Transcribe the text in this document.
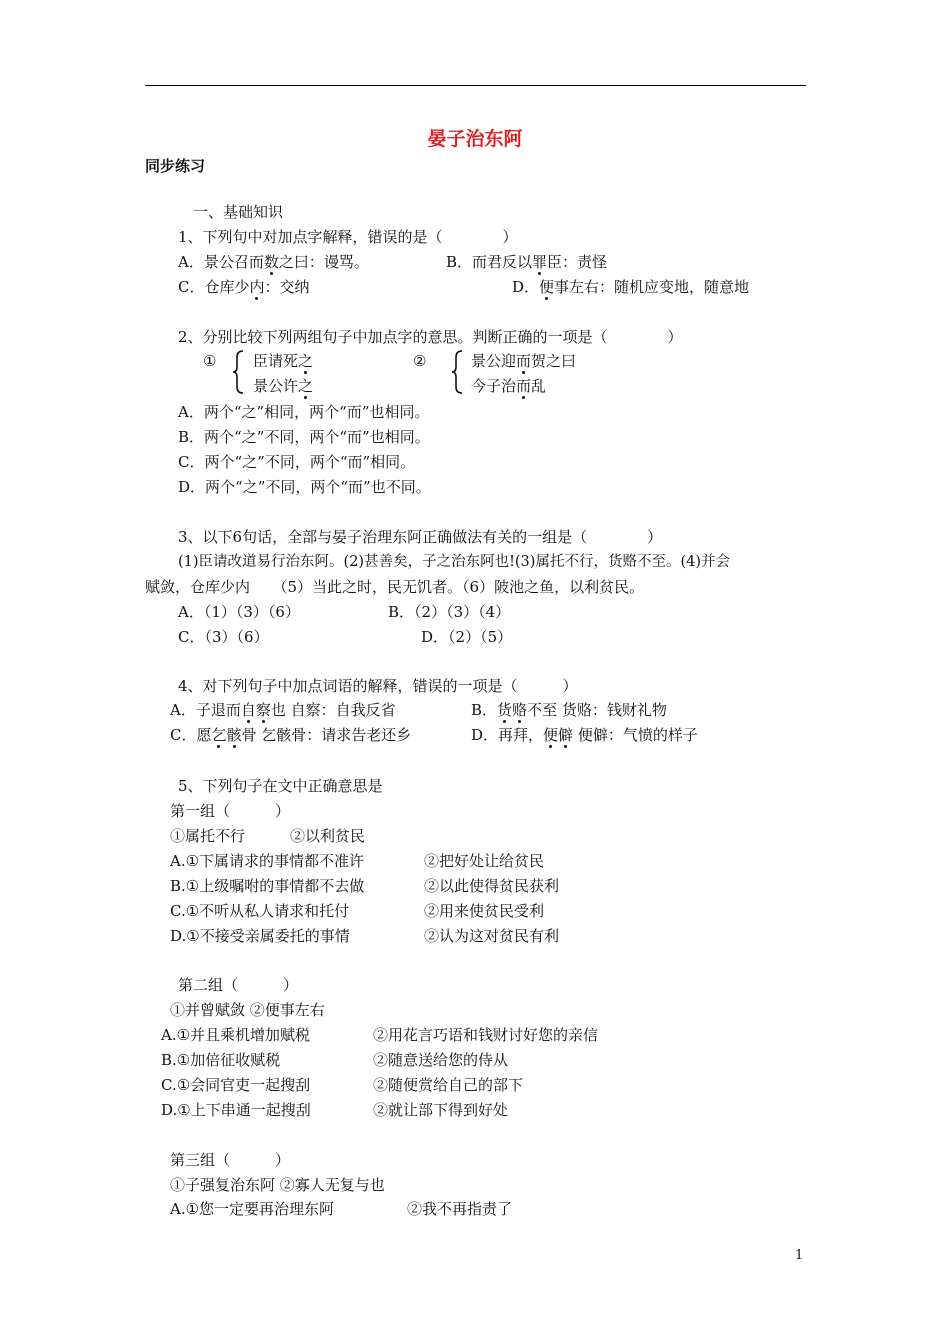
晏子治东阿
同步练习
一、基础知识
1、下列句中对加点字解释，错误的是（　　　　）
A．景公召而数之曰：谩骂。	B．而君反以罪臣：责怪
C．仓库少内：交纳	D．便事左右：随机应变地，随意地
2、分别比较下列两组句子中加点字的意思。判断正确的一项是（　　　　）
① 臣请死之
景公许之
②	景公迎而贺之曰
今子治而乱
A．两个“之”相同，两个“而”也相同。
B．两个“之”不同，两个“而”也相同。
C．两个“之”不同，两个“而”相同。
D．两个“之”不同，两个“而”也不同。
3、以下6句话，全部与晏子治理东阿正确做法有关的一组是（　　　　）
(1)臣请改道易行治东阿。(2)甚善矣，子之治东阿也!(3)属托不行，货赂不至。(4)并会
赋敛，仓库少内　　（5）当此之时，民无饥者。（6）陂池之鱼，以利贫民。
A．（1）（3）（6）	B．（2）（3）（4）
C．（3）（6）	D．（2）（5）
4、对下列句子中加点词语的解释，错误的一项是（　　　）
A．子退而自察也 自察：自我反省	B．货赂不至 货赂：钱财礼物
C．愿乞骸骨 乞骸骨：请求告老还乡	D．再拜，便僻 便僻：气愤的样子
5、下列句子在文中正确意思是
第一组（　　　）
①属托不行　　　②以利贫民
A.①下属请求的事情都不准许	②把好处让给贫民
B.①上级嘱咐的事情都不去做	②以此使得贫民获利
C.①不听从私人请求和托付	②用来使贫民受利
D.①不接受亲属委托的事情	②认为这对贫民有利
第二组（　　　）
①并曾赋敛 ②便事左右
A.①并且乘机增加赋税	②用花言巧语和钱财讨好您的亲信
B.①加倍征收赋税	②随意送给您的侍从
C.①会同官吏一起搜刮	②随便赏给自己的部下
D.①上下串通一起搜刮	②就让部下得到好处
第三组（　　　）
①子强复治东阿 ②寡人无复与也
A.①您一定要再治理东阿	②我不再指责了
1
